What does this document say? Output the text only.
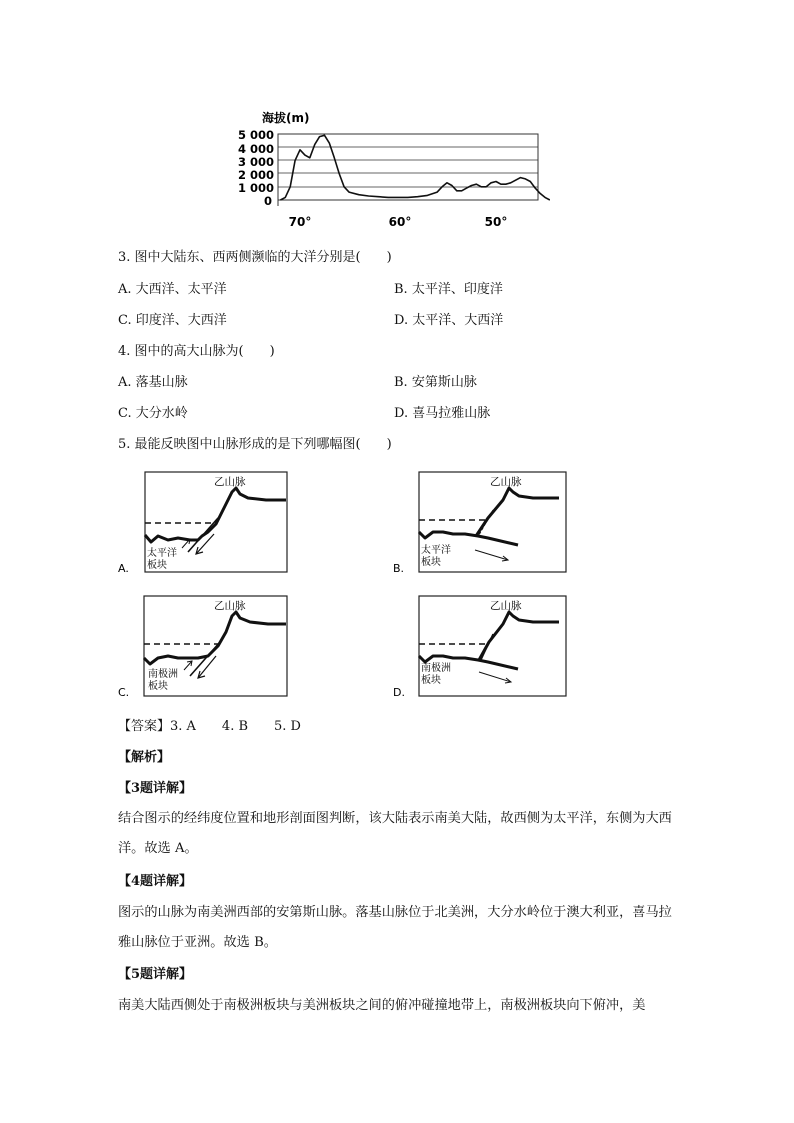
海拔(m)
5 000
4 000
3 000
2 000
1 000
0
70°	60°	50°
3. 图中大陆东、西两侧濒临的大洋分别是(　　)
A. 大西洋、太平洋	B. 太平洋、印度洋
C. 印度洋、大西洋	D. 太平洋、大西洋
4. 图中的高大山脉为(　　)
A. 落基山脉	B. 安第斯山脉
C. 大分水岭	D. 喜马拉雅山脉
5. 最能反映图中山脉形成的是下列哪幅图(　　)
乙山脉
太平洋
板块
A.
乙山脉
太平洋
板块
B.
乙山脉
南极洲
板块
C.
乙山脉
南极洲
板块
D.
【答案】3. A　　4. B　　5. D
【解析】
【3题详解】
结合图示的经纬度位置和地形剖面图判断，该大陆表示南美大陆，故西侧为太平洋，东侧为大西洋。故选 A。
【4题详解】
图示的山脉为南美洲西部的安第斯山脉。落基山脉位于北美洲，大分水岭位于澳大利亚，喜马拉雅山脉位于亚洲。故选 B。
【5题详解】
南美大陆西侧处于南极洲板块与美洲板块之间的俯冲碰撞地带上，南极洲板块向下俯冲，美
